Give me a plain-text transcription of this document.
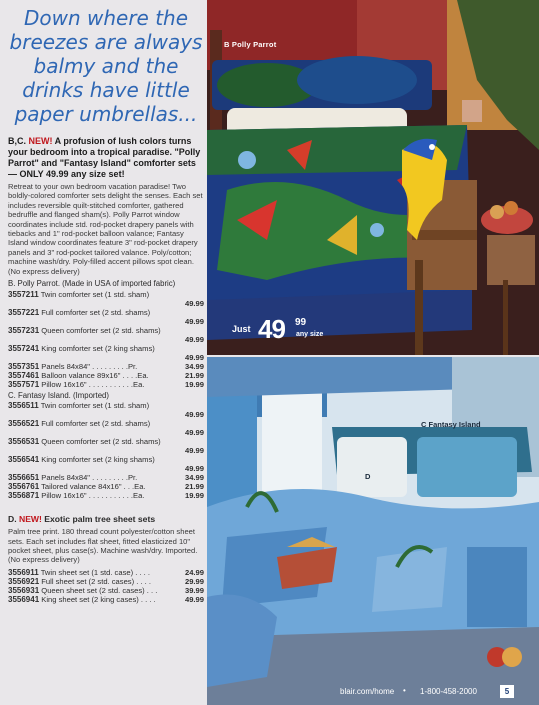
Down where the
breezes are always
balmy and the
drinks have little
paper umbrellas...
B,C. NEW! A profusion of lush colors turns your bedroom into a tropical paradise. "Polly Parrot" and "Fantasy Island" comforter sets — ONLY 49.99 any size set!
Retreat to your own bedroom vacation paradise! Two boldly-colored comforter sets delight the senses. Each set includes reversible quilt-stitched comforter, gathered bedruffle and flanged sham(s). Polly Parrot window coordinates include std. rod-pocket drapery panels with tiebacks and 1" rod-pocket balloon valance; Fantasy Island window coordinates feature 3" rod-pocket drapery panels and 3" rod-pocket tailored valance. Poly/cotton; machine wash/dry. Poly-filled accent pillows spot clean. (No express delivery)
B. Polly Parrot. (Made in USA of imported fabric)
3557211 Twin comforter set (1 std. sham)
49.99
3557221 Full comforter set (2 std. shams)
49.99
3557231 Queen comforter set (2 std. shams)
49.99
3557241 King comforter set (2 king shams)
49.99
34.99
3557351 Panels 84x84" . . . . . . . . .Pr.
21.99
3557461 Balloon valance 89x16" . . . .Ea.
19.99
3557571 Pillow 16x16" . . . . . . . . . . .Ea.
C. Fantasy Island. (Imported)
3556511 Twin comforter set (1 std. sham)
49.99
3556521 Full comforter set (2 std. shams)
49.99
3556531 Queen comforter set (2 std. shams)
49.99
3556541 King comforter set (2 king shams)
49.99
34.99
3556651 Panels 84x84" . . . . . . . . .Pr.
21.99
3556761 Tailored valance 84x16" . . .Ea.
19.99
3556871 Pillow 16x16" . . . . . . . . . . .Ea.
D. NEW! Exotic palm tree sheet sets
Palm tree print. 180 thread count polyester/cotton sheet sets. Each set includes flat sheet, fitted elasticized 10" pocket sheet, plus case(s). Machine wash/dry. Imported. (No express delivery)
24.99
3556911 Twin sheet set (1 std. case) . . . .
29.99
3556921 Full sheet set (2 std. cases) . . . .
39.99
3556931 Queen sheet set (2 std. cases) . . .
49.99
3556941 King sheet set (2 king cases) . . . .
B Polly Parrot
Just 49 99
any size
C Fantasy Island
D
blair.com/home • 1-800-458-2000	5
